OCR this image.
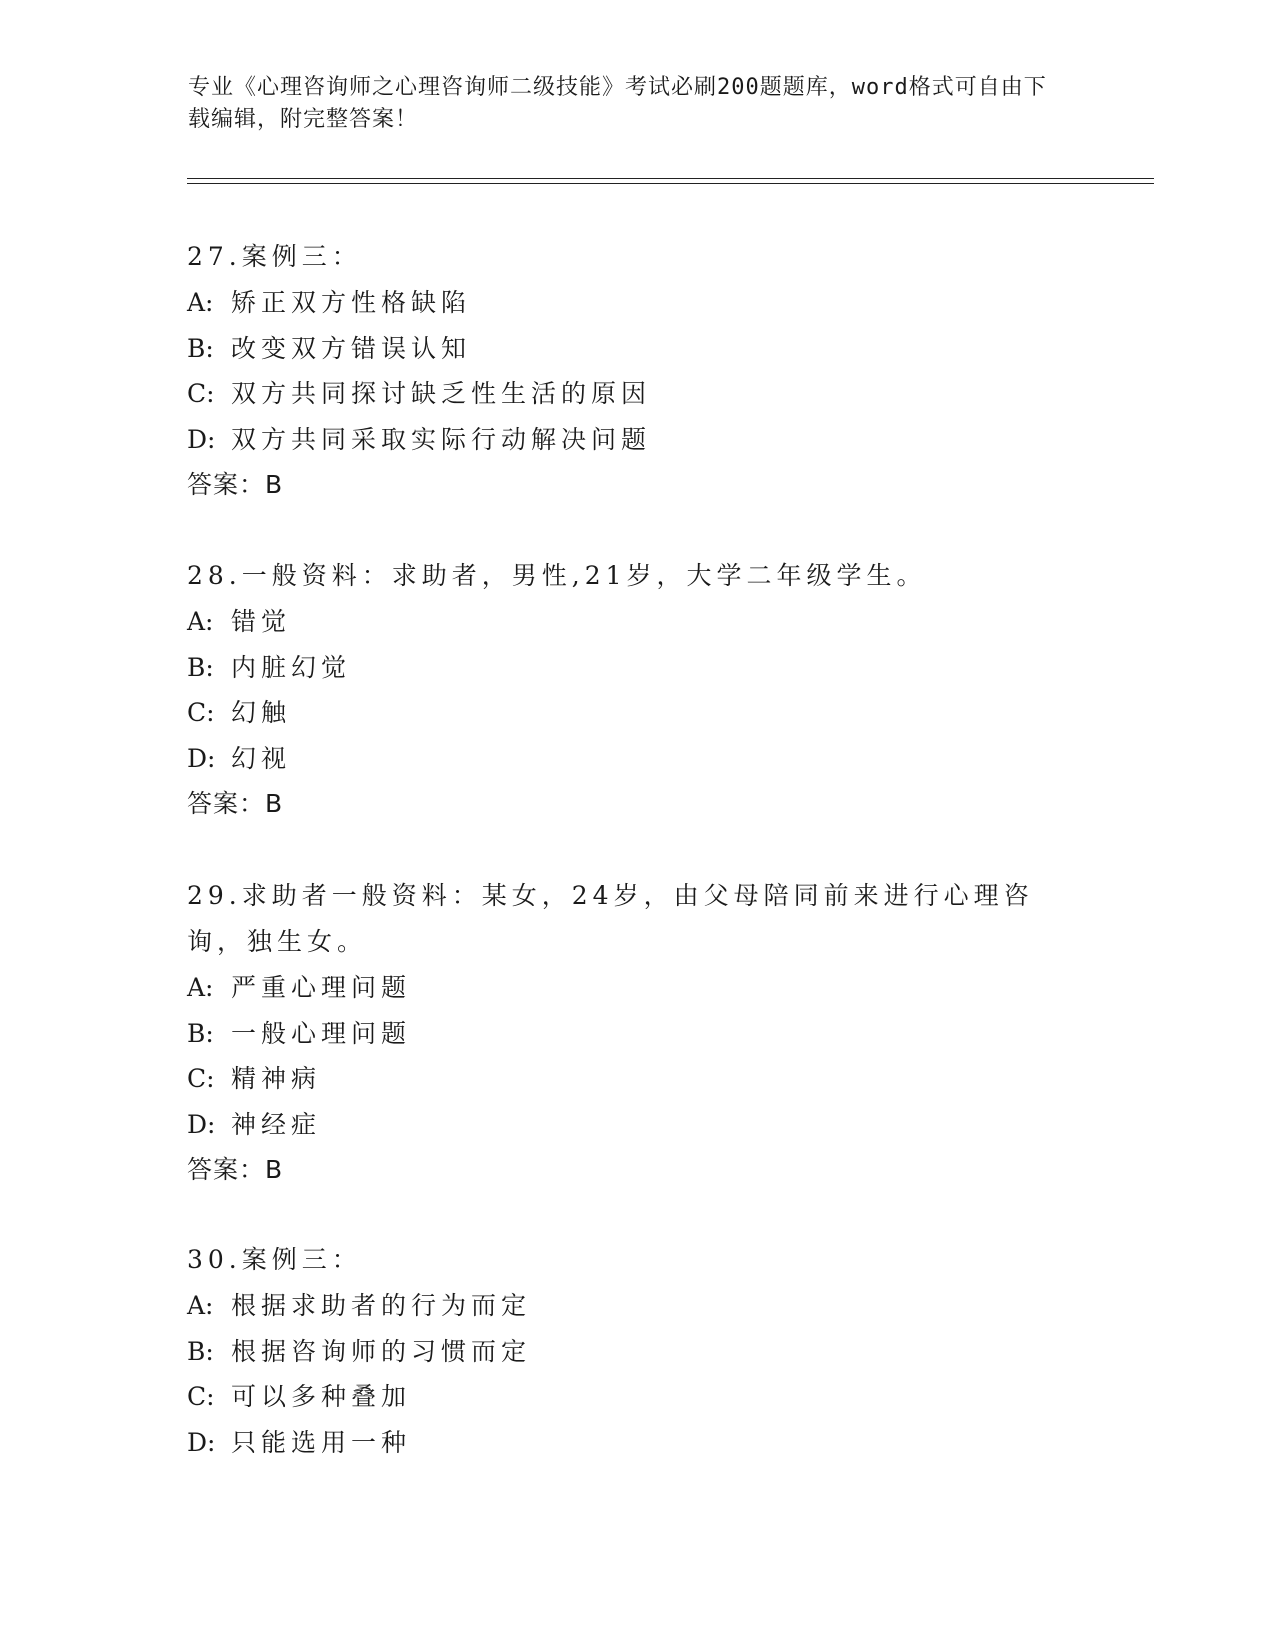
专业《心理咨询师之心理咨询师二级技能》考试必刷200题题库，word格式可自由下载编辑，附完整答案！
27.案例三：
A: 矫正双方性格缺陷
B: 改变双方错误认知
C: 双方共同探讨缺乏性生活的原因
D: 双方共同采取实际行动解决问题
答案：B
28.一般资料：求助者，男性,21岁，大学二年级学生。
A: 错觉
B: 内脏幻觉
C: 幻触
D: 幻视
答案：B
29.求助者一般资料：某女，24岁，由父母陪同前来进行心理咨询，独生女。
A: 严重心理问题
B: 一般心理问题
C: 精神病
D: 神经症
答案：B
30.案例三：
A: 根据求助者的行为而定
B: 根据咨询师的习惯而定
C: 可以多种叠加
D: 只能选用一种
